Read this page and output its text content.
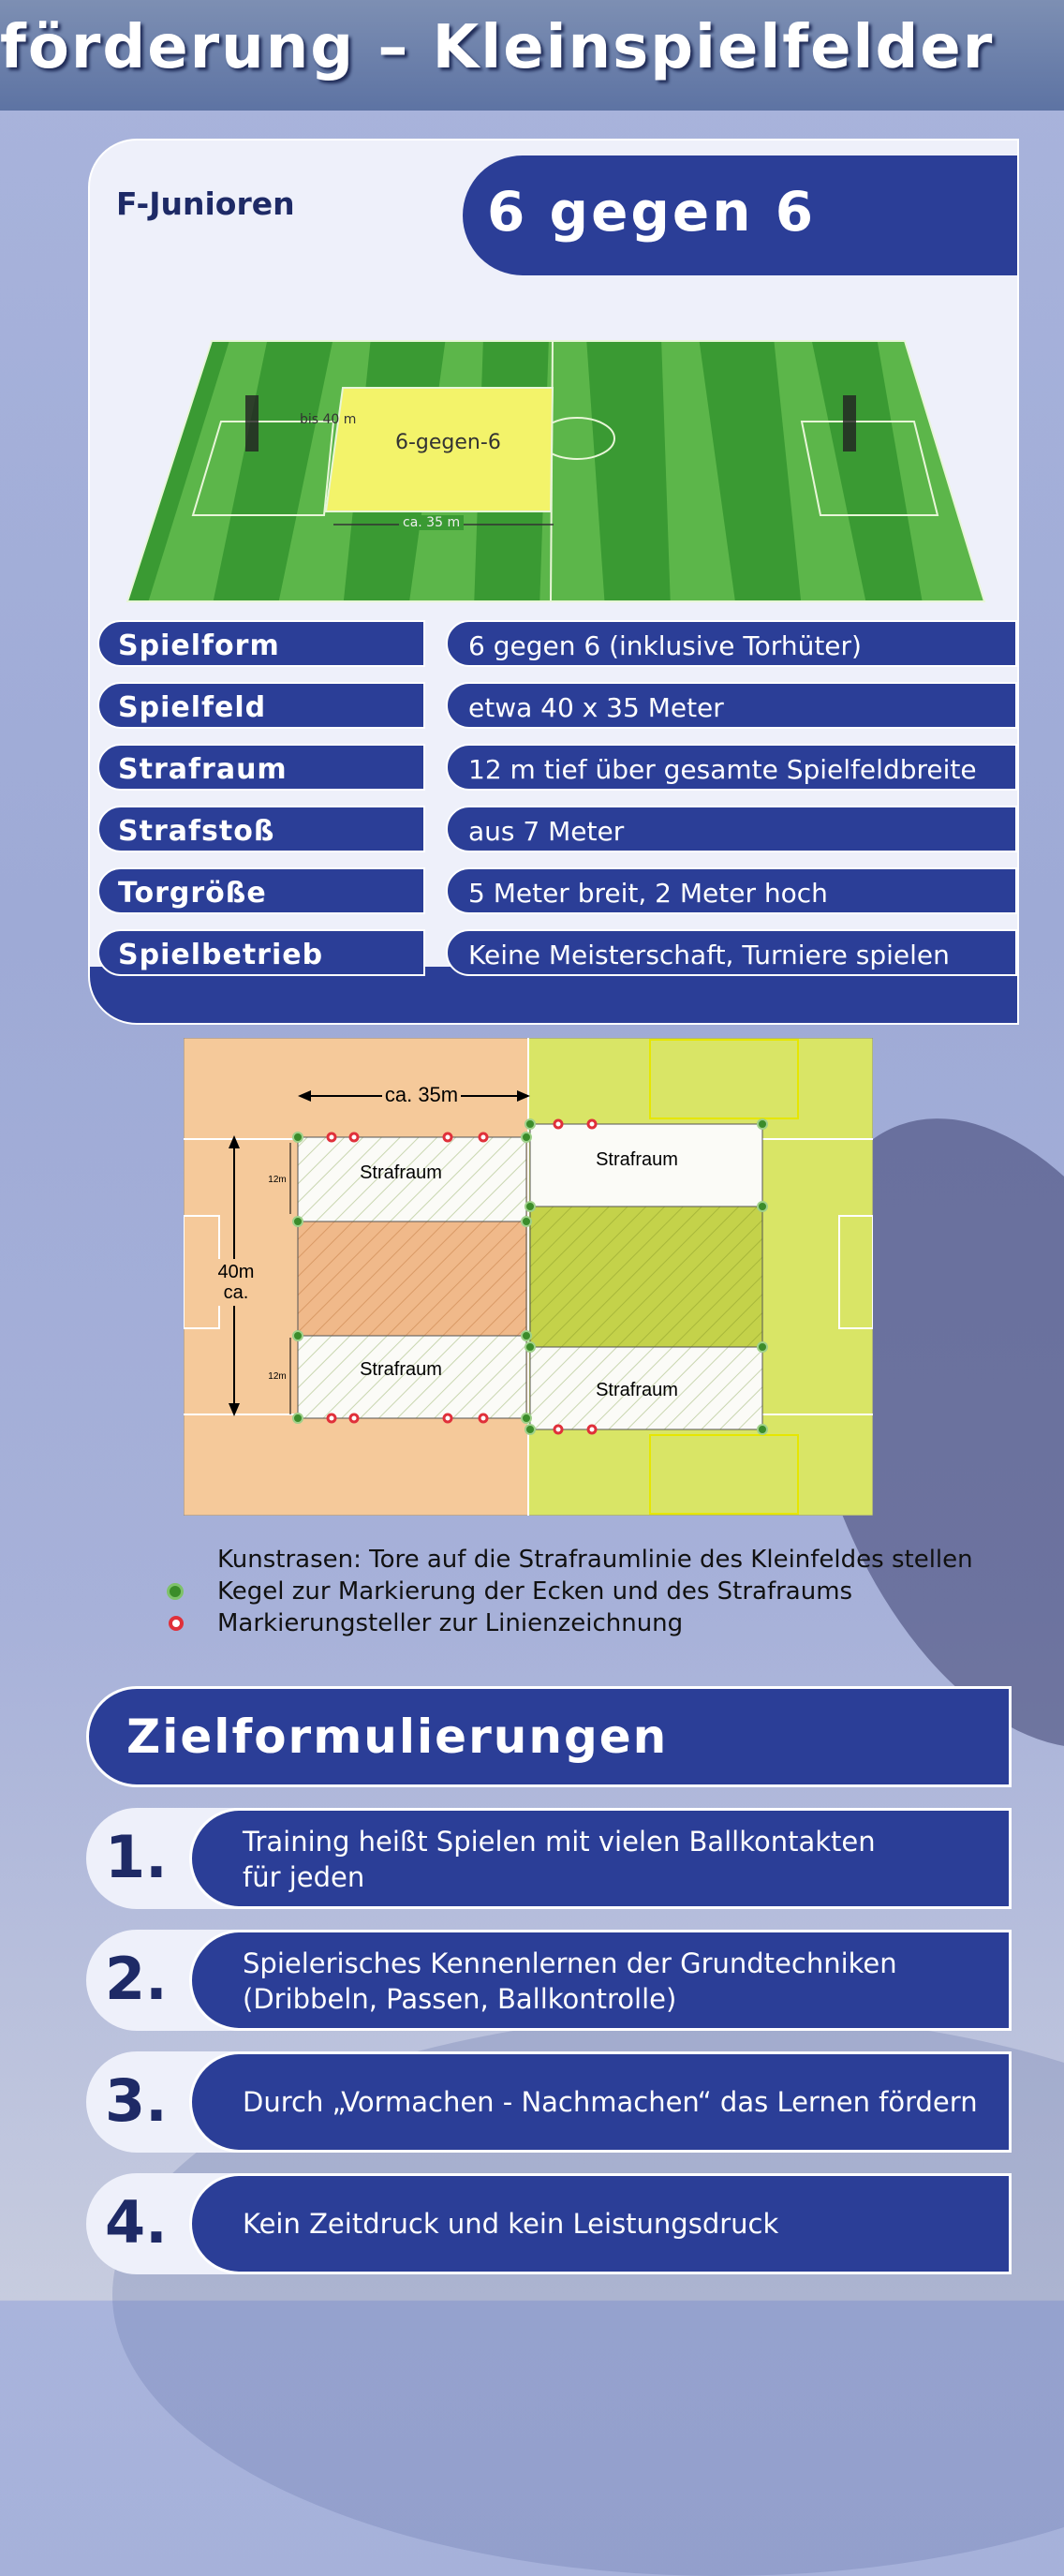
förderung – Kleinspielfelder
F-Junioren	6 gegen 6
6-gegen-6
bis 40 m
ca. 35 m
Spielform	6 gegen 6 (inklusive Torhüter)
Spielfeld	etwa 40 x 35 Meter
Strafraum	12 m tief über gesamte Spielfeldbreite
Strafstoß	aus 7 Meter
Torgröße	5 Meter breit, 2 Meter hoch
Spielbetrieb	Keine Meisterschaft, Turniere spielen
ca. 35m
40m
ca.
12m
12m
Strafraum
Strafraum
Strafraum
Strafraum
Kunstrasen: Tore auf die Strafraumlinie des Kleinfeldes stellen
Kegel zur Markierung der Ecken und des Strafraums
Markierungsteller zur Linienzeichnung
Zielformulierungen
1.	Training heißt Spielen mit vielen Ballkontakten
für jeden
2.	Spielerisches Kennenlernen der Grundtechniken
(Dribbeln, Passen, Ballkontrolle)
3.	Durch „Vormachen - Nachmachen“ das Lernen fördern
4.	Kein Zeitdruck und kein Leistungsdruck
